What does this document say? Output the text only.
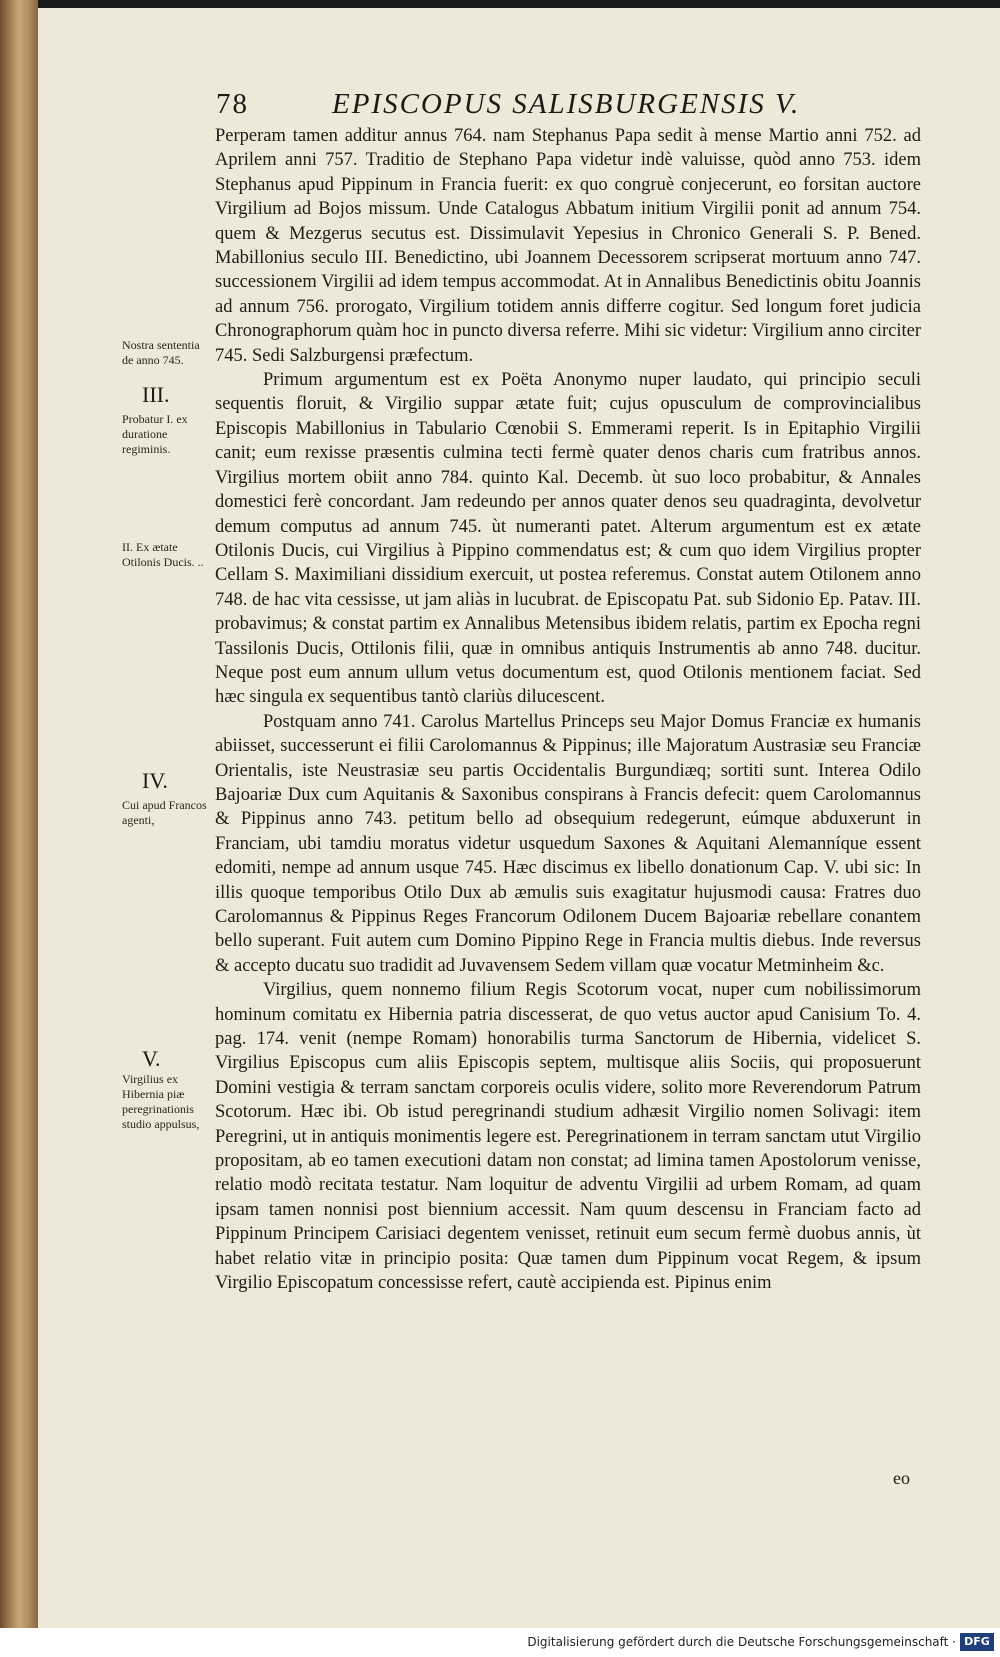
78	EPISCOPUS SALISBURGENSIS V.
Nostra sententia de anno 745.
III.
Probatur I. ex duratione regiminis.
II. Ex ætate Otilonis Ducis. ..
IV.
Cui apud Francos agenti,
V.
Virgilius ex Hibernia piæ peregrinationis studio appulsus,

Perperam tamen additur annus 764. nam Stephanus Papa sedit à mense Martio anni 752. ad Aprilem anni 757. Traditio de Stephano Papa videtur indè valuisse, quòd anno 753. idem Stephanus apud Pippinum in Francia fuerit: ex quo congruè conjecerunt, eo forsitan auctore Virgilium ad Bojos missum. Unde Catalogus Abbatum initium Virgilii ponit ad annum 754. quem & Mezgerus secutus est. Dissimulavit Yepesius in Chronico Generali S. P. Bened. Mabillonius seculo III. Benedictino, ubi Joannem Decessorem scripserat mortuum anno 747. successionem Virgilii ad idem tempus accommodat. At in Annalibus Benedictinis obitu Joannis ad annum 756. prorogato, Virgilium totidem annis differre cogitur. Sed longum foret judicia Chronographorum quàm hoc in puncto diversa referre. Mihi sic videtur: Virgilium anno circiter 745. Sedi Salzburgensi præfectum.

Primum argumentum est ex Poëta Anonymo nuper laudato, qui principio seculi sequentis floruit, & Virgilio suppar ætate fuit; cujus opusculum de comprovincialibus Episcopis Mabillonius in Tabulario Cœnobii S. Emmerami reperit. Is in Epitaphio Virgilii canit; eum rexisse præsentis culmina tecti fermè quater denos charis cum fratribus annos. Virgilius mortem obiit anno 784. quinto Kal. Decemb. ùt suo loco probabitur, & Annales domestici ferè concordant. Jam redeundo per annos quater denos seu quadraginta, devolvetur demum computus ad annum 745. ùt numeranti patet. Alterum argumentum est ex ætate Otilonis Ducis, cui Virgilius à Pippino commendatus est; & cum quo idem Virgilius propter Cellam S. Maximiliani dissidium exercuit, ut postea referemus. Constat autem Otilonem anno 748. de hac vita cessisse, ut jam aliàs in lucubrat. de Episcopatu Pat. sub Sidonio Ep. Patav. III. probavimus; & constat partim ex Annalibus Metensibus ibidem relatis, partim ex Epocha regni Tassilonis Ducis, Ottilonis filii, quæ in omnibus antiquis Instrumentis ab anno 748. ducitur. Neque post eum annum ullum vetus documentum est, quod Otilonis mentionem faciat. Sed hæc singula ex sequentibus tantò clariùs dilucescent.

Postquam anno 741. Carolus Martellus Princeps seu Major Domus Franciæ ex humanis abiisset, successerunt ei filii Carolomannus & Pippinus; ille Majoratum Austrasiæ seu Franciæ Orientalis, iste Neustrasiæ seu partis Occidentalis Burgundiæq; sortiti sunt. Interea Odilo Bajoariæ Dux cum Aquitanis & Saxonibus conspirans à Francis defecit: quem Carolomannus & Pippinus anno 743. petitum bello ad obsequium redegerunt, eúmque abduxerunt in Franciam, ubi tamdiu moratus videtur usquedum Saxones & Aquitani Alemanníque essent edomiti, nempe ad annum usque 745. Hæc discimus ex libello donationum Cap. V. ubi sic: In illis quoque temporibus Otilo Dux ab æmulis suis exagitatur hujusmodi causa: Fratres duo Carolomannus & Pippinus Reges Francorum Odilonem Ducem Bajoariæ rebellare conantem bello superant. Fuit autem cum Domino Pippino Rege in Francia multis diebus. Inde reversus & accepto ducatu suo tradidit ad Juvavensem Sedem villam quæ vocatur Metminheim &c.

Virgilius, quem nonnemo filium Regis Scotorum vocat, nuper cum nobilissimorum hominum comitatu ex Hibernia patria discesserat, de quo vetus auctor apud Canisium To. 4. pag. 174. venit (nempe Romam) honorabilis turma Sanctorum de Hibernia, videlicet S. Virgilius Episcopus cum aliis Episcopis septem, multisque aliis Sociis, qui proposuerunt Domini vestigia & terram sanctam corporeis oculis videre, solito more Reverendorum Patrum Scotorum. Hæc ibi. Ob istud peregrinandi studium adhæsit Virgilio nomen Solivagi: item Peregrini, ut in antiquis monimentis legere est. Peregrinationem in terram sanctam utut Virgilio propositam, ab eo tamen executioni datam non constat; ad limina tamen Apostolorum venisse, relatio modò recitata testatur. Nam loquitur de adventu Virgilii ad urbem Romam, ad quam ipsam tamen nonnisi post biennium accessit. Nam quum descensu in Franciam facto ad Pippinum Principem Carisiaci degentem venisset, retinuit eum secum fermè duobus annis, ùt habet relatio vitæ in principio posita: Quæ tamen dum Pippinum vocat Regem, & ipsum Virgilio Episcopatum concessisse refert, cautè accipienda est. Pipinus enim

eo
Digitalisierung gefördert durch die Deutsche Forschungsgemeinschaft · DFG
